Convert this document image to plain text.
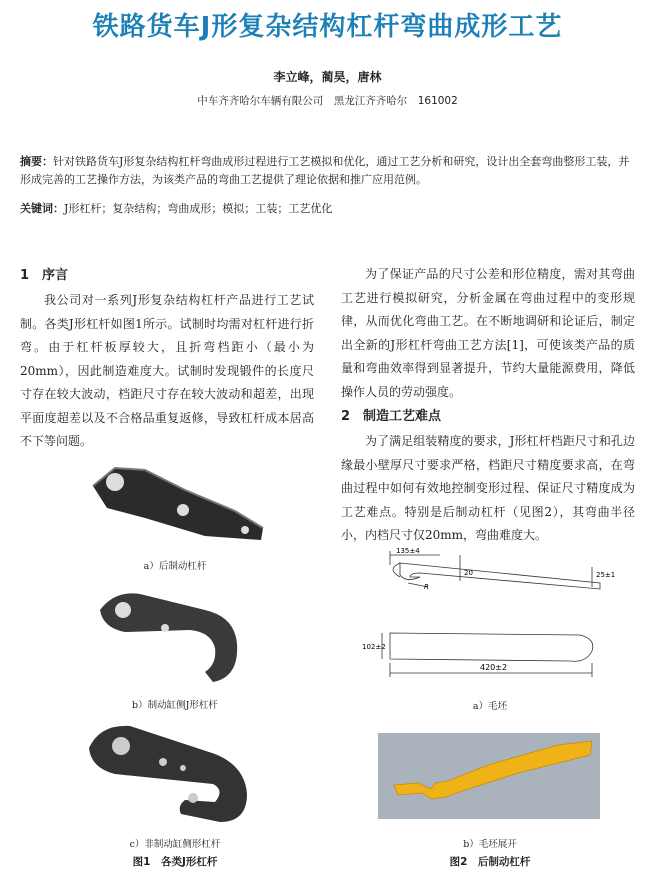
铁路货车J形复杂结构杠杆弯曲成形工艺
李立峰，蔺昊，唐林
中车齐齐哈尔车辆有限公司　黑龙江齐齐哈尔　161002
摘要：针对铁路货车J形复杂结构杠杆弯曲成形过程进行工艺模拟和优化，通过工艺分析和研究，设计出全套弯曲整形工装，并形成完善的工艺操作方法，为该类产品的弯曲工艺提供了理论依据和推广应用范例。
关键词：J形杠杆；复杂结构；弯曲成形；模拟；工装；工艺优化
1　序言
我公司对一系列J形复杂结构杠杆产品进行工艺试制。各类J形杠杆如图1所示。试制时均需对杠杆进行折弯。由于杠杆板厚较大，且折弯档距小（最小为20mm），因此制造难度大。试制时发现锻件的长度尺寸存在较大波动，档距尺寸存在较大波动和超差，出现平面度超差以及不合格品重复返修，导致杠杆成本居高不下等问题。
a）后制动杠杆
b）制动缸侧J形杠杆
c）非制动缸侧形杠杆
图1　各类J形杠杆
为了保证产品的尺寸公差和形位精度，需对其弯曲工艺进行模拟研究，分析金属在弯曲过程中的变形规律，从而优化弯曲工艺。在不断地调研和论证后，制定出全新的J形杠杆弯曲工艺方法[1]，可使该类产品的质量和弯曲效率得到显著提升，节约大量能源费用，降低操作人员的劳动强度。
2　制造工艺难点
为了满足组装精度的要求，J形杠杆档距尺寸和孔边缘最小壁厚尺寸要求严格，档距尺寸精度要求高，在弯曲过程中如何有效地控制变形过程、保证尺寸精度成为工艺难点。特别是后制动杠杆（见图2），其弯曲半径小，内档尺寸仅20mm，弯曲难度大。
135±4
20	25±1
R
102±2
420±2
a）毛坯
b）毛坯展开
图2　后制动杠杆
